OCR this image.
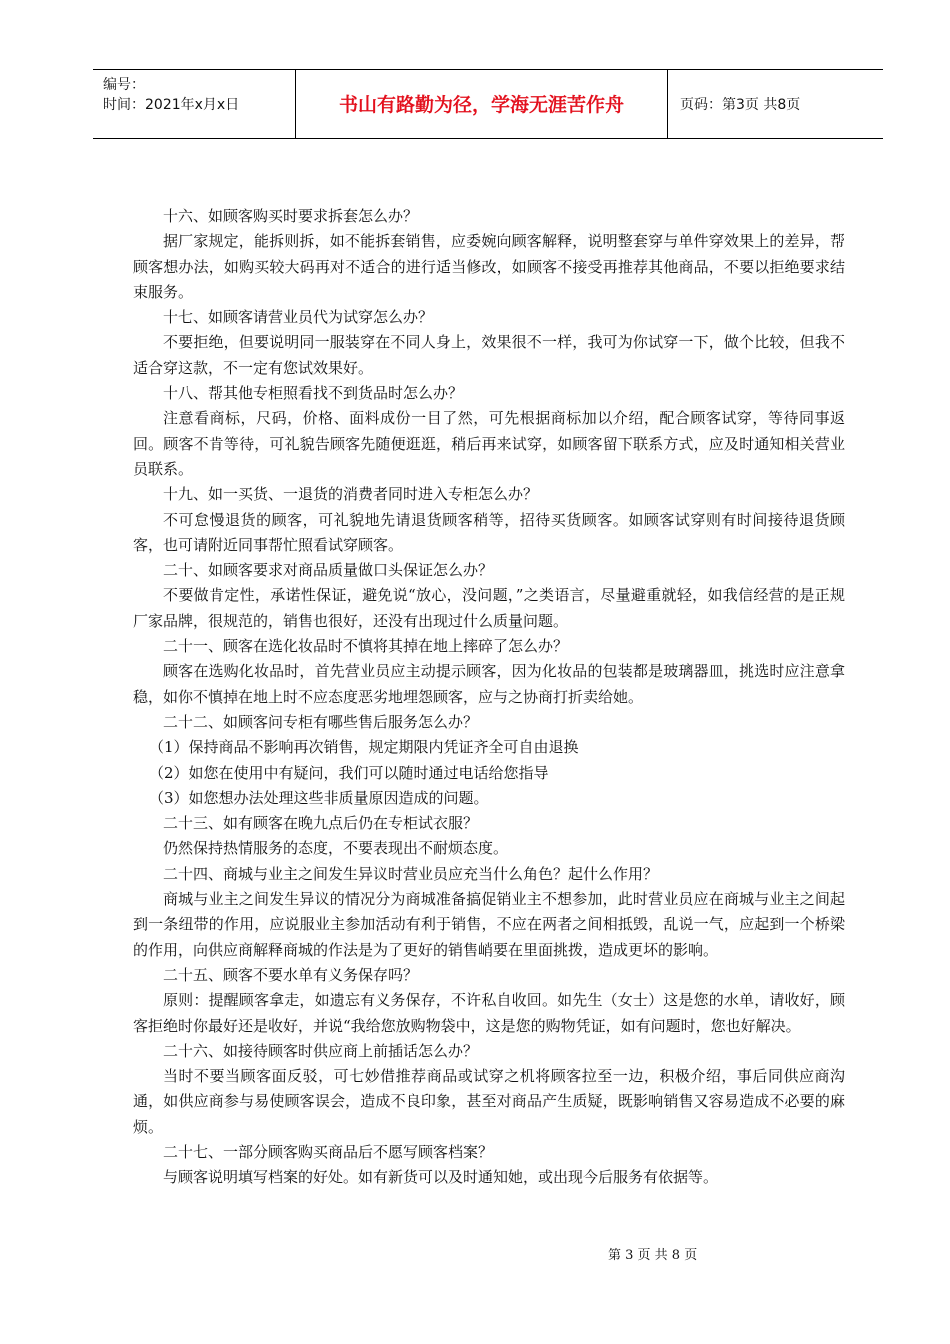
编号：
时间：2021年x月x日	书山有路勤为径，学海无涯苦作舟	页码：第3页 共8页

十六、如顾客购买时要求拆套怎么办？

据厂家规定，能拆则拆，如不能拆套销售，应委婉向顾客解释，说明整套穿与单件穿效果上的差异，帮顾客想办法，如购买较大码再对不适合的进行适当修改，如顾客不接受再推荐其他商品，不要以拒绝要求结束服务。

十七、如顾客请营业员代为试穿怎么办？

不要拒绝，但要说明同一服装穿在不同人身上，效果很不一样，我可为你试穿一下，做个比较，但我不适合穿这款，不一定有您试效果好。

十八、帮其他专柜照看找不到货品时怎么办？

注意看商标，尺码，价格、面料成份一目了然，可先根据商标加以介绍，配合顾客试穿，等待同事返回。顾客不肯等待，可礼貌告顾客先随便逛逛，稍后再来试穿，如顾客留下联系方式，应及时通知相关营业员联系。

十九、如一买货、一退货的消费者同时进入专柜怎么办？

不可怠慢退货的顾客，可礼貌地先请退货顾客稍等，招待买货顾客。如顾客试穿则有时间接待退货顾客，也可请附近同事帮忙照看试穿顾客。

二十、如顾客要求对商品质量做口头保证怎么办？

不要做肯定性，承诺性保证，避免说“放心，没问题，”之类语言，尽量避重就轻，如我信经营的是正规厂家品牌，很规范的，销售也很好，还没有出现过什么质量问题。

二十一、顾客在选化妆品时不慎将其掉在地上摔碎了怎么办？

顾客在选购化妆品时，首先营业员应主动提示顾客，因为化妆品的包装都是玻璃器皿，挑选时应注意拿稳，如你不慎掉在地上时不应态度恶劣地埋怨顾客，应与之协商打折卖给她。

二十二、如顾客问专柜有哪些售后服务怎么办？

（1）保持商品不影响再次销售，规定期限内凭证齐全可自由退换

（2）如您在使用中有疑问，我们可以随时通过电话给您指导

（3）如您想办法处理这些非质量原因造成的问题。

二十三、如有顾客在晚九点后仍在专柜试衣服？

仍然保持热情服务的态度，不要表现出不耐烦态度。

二十四、商城与业主之间发生异议时营业员应充当什么角色？起什么作用？

商城与业主之间发生异议的情况分为商城准备搞促销业主不想参加，此时营业员应在商城与业主之间起到一条纽带的作用，应说服业主参加活动有利于销售，不应在两者之间相抵毁，乱说一气，应起到一个桥梁的作用，向供应商解释商城的作法是为了更好的销售峭要在里面挑拨，造成更坏的影响。

二十五、顾客不要水单有义务保存吗？

原则：提醒顾客拿走，如遗忘有义务保存，不许私自收回。如先生（女士）这是您的水单，请收好，顾客拒绝时你最好还是收好，并说“我给您放购物袋中，这是您的购物凭证，如有问题时，您也好解决。

二十六、如接待顾客时供应商上前插话怎么办？

当时不要当顾客面反驳，可七妙借推荐商品或试穿之机将顾客拉至一边，积极介绍，事后同供应商沟通，如供应商参与易使顾客误会，造成不良印象，甚至对商品产生质疑，既影响销售又容易造成不必要的麻烦。

二十七、一部分顾客购买商品后不愿写顾客档案？

与顾客说明填写档案的好处。如有新货可以及时通知她，或出现今后服务有依据等。

第 3 页 共 8 页
